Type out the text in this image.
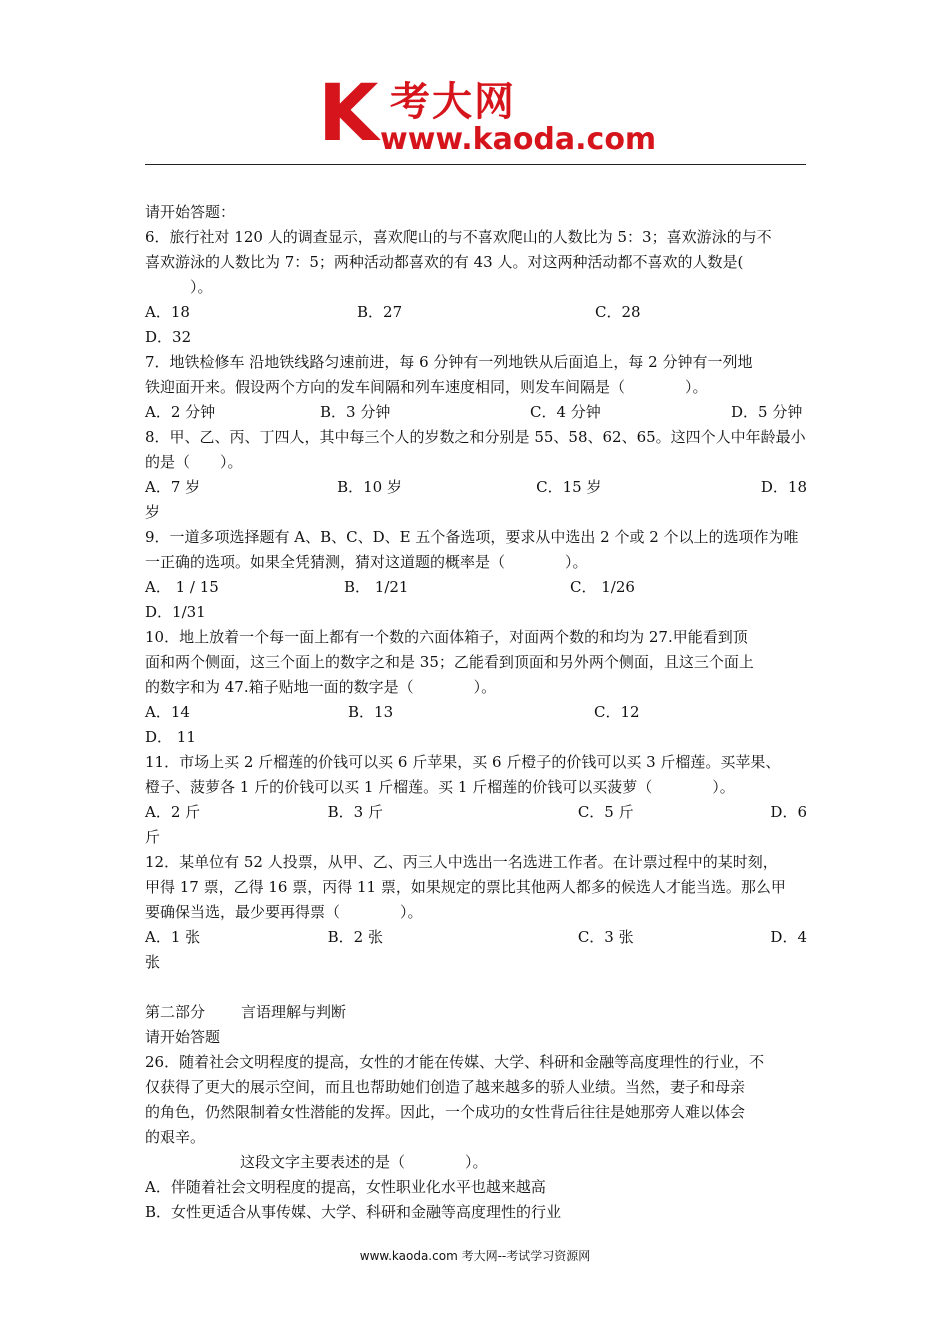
K 考大网
www.kaoda.com
请开始答题：
6．旅行社对 120 人的调查显示，喜欢爬山的与不喜欢爬山的人数比为 5：3；喜欢游泳的与不
喜欢游泳的人数比为 7：5；两种活动都喜欢的有 43 人。对这两种活动都不喜欢的人数是(
）。
A．18	B．27	C．28
D．32
7．地铁检修车 沿地铁线路匀速前进，每 6 分钟有一列地铁从后面追上，每 2 分钟有一列地
铁迎面开来。假设两个方向的发车间隔和列车速度相同，则发车间隔是（　　　　）。
A．2 分钟	B．3 分钟	C．4 分钟	D．5 分钟
8．甲、乙、丙、丁四人，其中每三个人的岁数之和分别是 55、58、62、65。这四个人中年龄最小
的是（　　）。
A．7 岁	B．10 岁	C．15 岁	D．18
岁
9．一道多项选择题有 A、B、C、D、E 五个备选项，要求从中选出 2 个或 2 个以上的选项作为唯
一正确的选项。如果全凭猜测，猜对这道题的概率是（　　　　）。
A． 1 / 15	B． 1/21	C． 1/26
D．1/31
10．地上放着一个每一面上都有一个数的六面体箱子，对面两个数的和均为 27.甲能看到顶
面和两个侧面，这三个面上的数字之和是 35；乙能看到顶面和另外两个侧面，且这三个面上
的数字和为 47.箱子贴地一面的数字是（　　　　）。
A．14	B．13	C．12
D． 11
11．市场上买 2 斤榴莲的价钱可以买 6 斤苹果，买 6 斤橙子的价钱可以买 3 斤榴莲。买苹果、
橙子、菠萝各 1 斤的价钱可以买 1 斤榴莲。买 1 斤榴莲的价钱可以买菠萝（　　　　）。
A．2 斤	B．3 斤	C．5 斤	D．6
斤
12．某单位有 52 人投票，从甲、乙、丙三人中选出一名选进工作者。在计票过程中的某时刻，
甲得 17 票，乙得 16 票，丙得 11 票，如果规定的票比其他两人都多的候选人才能当选。那么甲
要确保当选，最少要再得票（　　　　）。
A．1 张	B．2 张	C．3 张	D．4
张
第二部分 言语理解与判断
请开始答题
26．随着社会文明程度的提高，女性的才能在传媒、大学、科研和金融等高度理性的行业，不
仅获得了更大的展示空间，而且也帮助她们创造了越来越多的骄人业绩。当然，妻子和母亲
的角色，仍然限制着女性潜能的发挥。因此，一个成功的女性背后往往是她那旁人难以体会
的艰辛。
这段文字主要表述的是（　　　　）。
A．伴随着社会文明程度的提高，女性职业化水平也越来越高
B．女性更适合从事传媒、大学、科研和金融等高度理性的行业
www.kaoda.com 考大网--考试学习资源网
